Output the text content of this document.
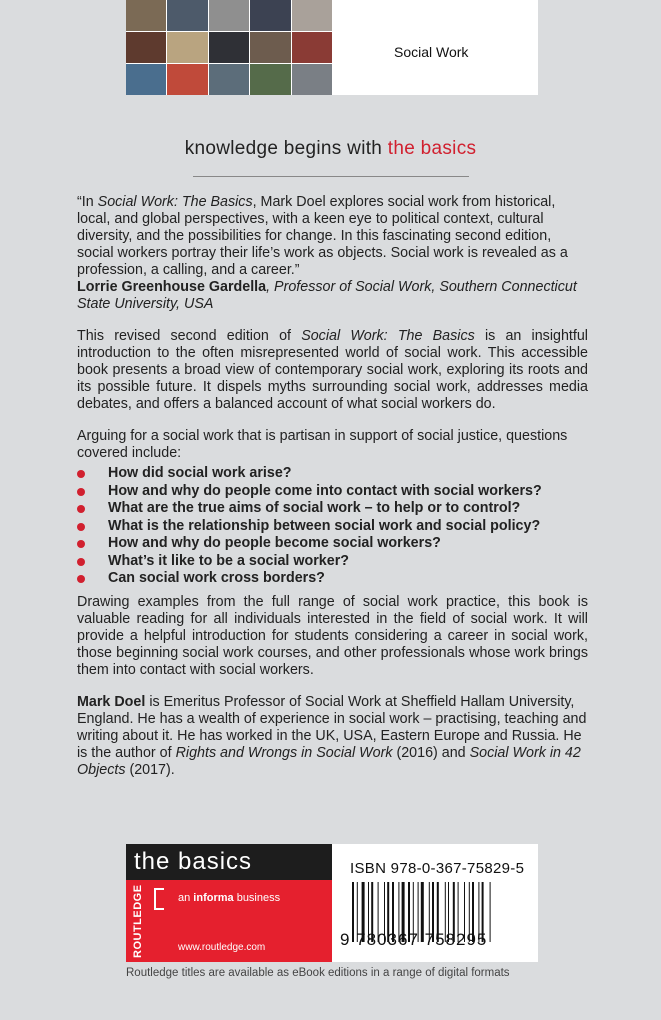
Social Work
knowledge begins with the basics

“In Social Work: The Basics, Mark Doel explores social work from historical, local, and global perspectives, with a keen eye to political context, cultural diversity, and the possibilities for change. In this fascinating second edition, social workers portray their life’s work as objects. Social work is revealed as a profession, a calling, and a career.”
Lorrie Greenhouse Gardella, Professor of Social Work, Southern Connecticut State University, USA

This revised second edition of Social Work: The Basics is an insightful introduction to the often misrepresented world of social work. This accessible book presents a broad view of contemporary social work, exploring its roots and its possible future. It dispels myths surrounding social work, addresses media debates, and offers a balanced account of what social workers do.

Arguing for a social work that is partisan in support of social justice, questions covered include:

How did social work arise?
How and why do people come into contact with social workers?
What are the true aims of social work – to help or to control?
What is the relationship between social work and social policy?
How and why do people become social workers?
What’s it like to be a social worker?
Can social work cross borders?

Drawing examples from the full range of social work practice, this book is valuable reading for all individuals interested in the field of social work. It will provide a helpful introduction for students considering a career in social work, those beginning social work courses, and other professionals whose work brings them into contact with social workers.

Mark Doel is Emeritus Professor of Social Work at Sheffield Hallam University, England. He has a wealth of experience in social work – practising, teaching and writing about it. He has worked in the UK, USA, Eastern Europe and Russia. He is the author of Rights and Wrongs in Social Work (2016) and Social Work in 42 Objects (2017).

the basics
ROUTLEDGE	an informa business
www.routledge.com
ISBN 978-0-367-75829-5
9 780367 758295
Routledge titles are available as eBook editions in a range of digital formats
